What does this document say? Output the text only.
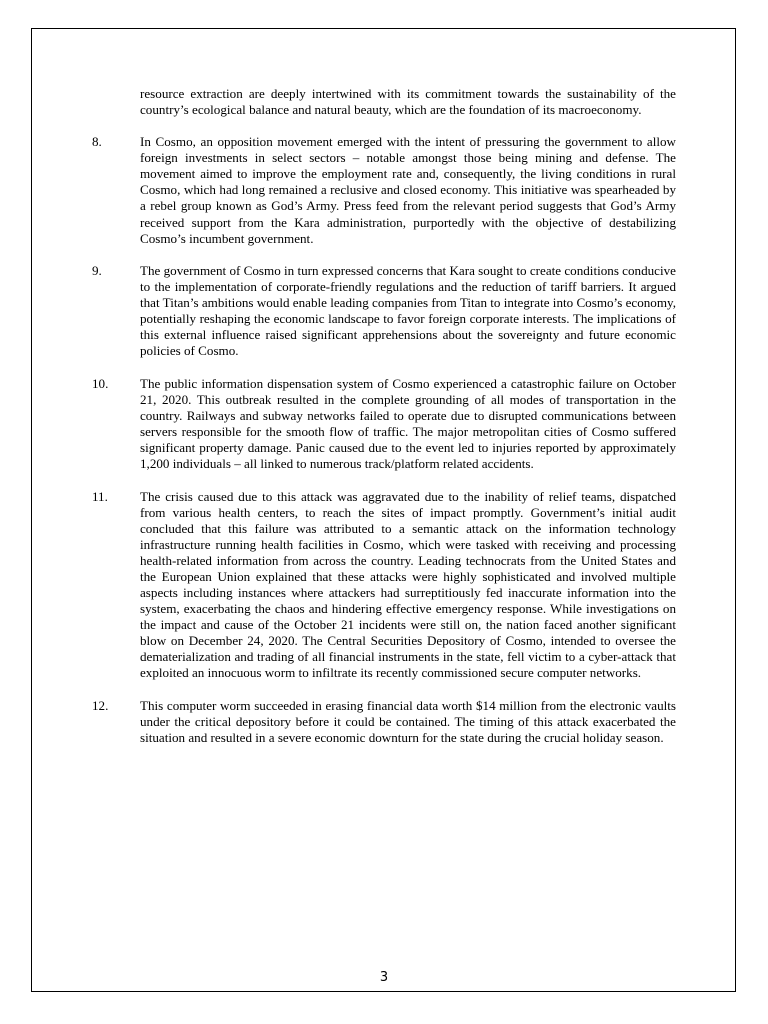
resource extraction are deeply intertwined with its commitment towards the sustainability of the country’s ecological balance and natural beauty, which are the foundation of its macroeconomy.
8.	In Cosmo, an opposition movement emerged with the intent of pressuring the government to allow foreign investments in select sectors – notable amongst those being mining and defense. The movement aimed to improve the employment rate and, consequently, the living conditions in rural Cosmo, which had long remained a reclusive and closed economy. This initiative was spearheaded by a rebel group known as God’s Army. Press feed from the relevant period suggests that God’s Army received support from the Kara administration, purportedly with the objective of destabilizing Cosmo’s incumbent government.
9.	The government of Cosmo in turn expressed concerns that Kara sought to create conditions conducive to the implementation of corporate-friendly regulations and the reduction of tariff barriers. It argued that Titan’s ambitions would enable leading companies from Titan to integrate into Cosmo’s economy, potentially reshaping the economic landscape to favor foreign corporate interests. The implications of this external influence raised significant apprehensions about the sovereignty and future economic policies of Cosmo.
10. The public information dispensation system of Cosmo experienced a catastrophic failure on October 21, 2020. This outbreak resulted in the complete grounding of all modes of transportation in the country. Railways and subway networks failed to operate due to disrupted communications between servers responsible for the smooth flow of traffic. The major metropolitan cities of Cosmo suffered significant property damage. Panic caused due to the event led to injuries reported by approximately 1,200 individuals – all linked to numerous track/platform related accidents.
11. The crisis caused due to this attack was aggravated due to the inability of relief teams, dispatched from various health centers, to reach the sites of impact promptly. Government’s initial audit concluded that this failure was attributed to a semantic attack on the information technology infrastructure running health facilities in Cosmo, which were tasked with receiving and processing health-related information from across the country. Leading technocrats from the United States and the European Union explained that these attacks were highly sophisticated and involved multiple aspects including instances where attackers had surreptitiously fed inaccurate information into the system, exacerbating the chaos and hindering effective emergency response. While investigations on the impact and cause of the October 21 incidents were still on, the nation faced another significant blow on December 24, 2020. The Central Securities Depository of Cosmo, intended to oversee the dematerialization and trading of all financial instruments in the state, fell victim to a cyber-attack that exploited an innocuous worm to infiltrate its recently commissioned secure computer networks.
12. This computer worm succeeded in erasing financial data worth $14 million from the electronic vaults under the critical depository before it could be contained. The timing of this attack exacerbated the situation and resulted in a severe economic downturn for the state during the crucial holiday season.
3
